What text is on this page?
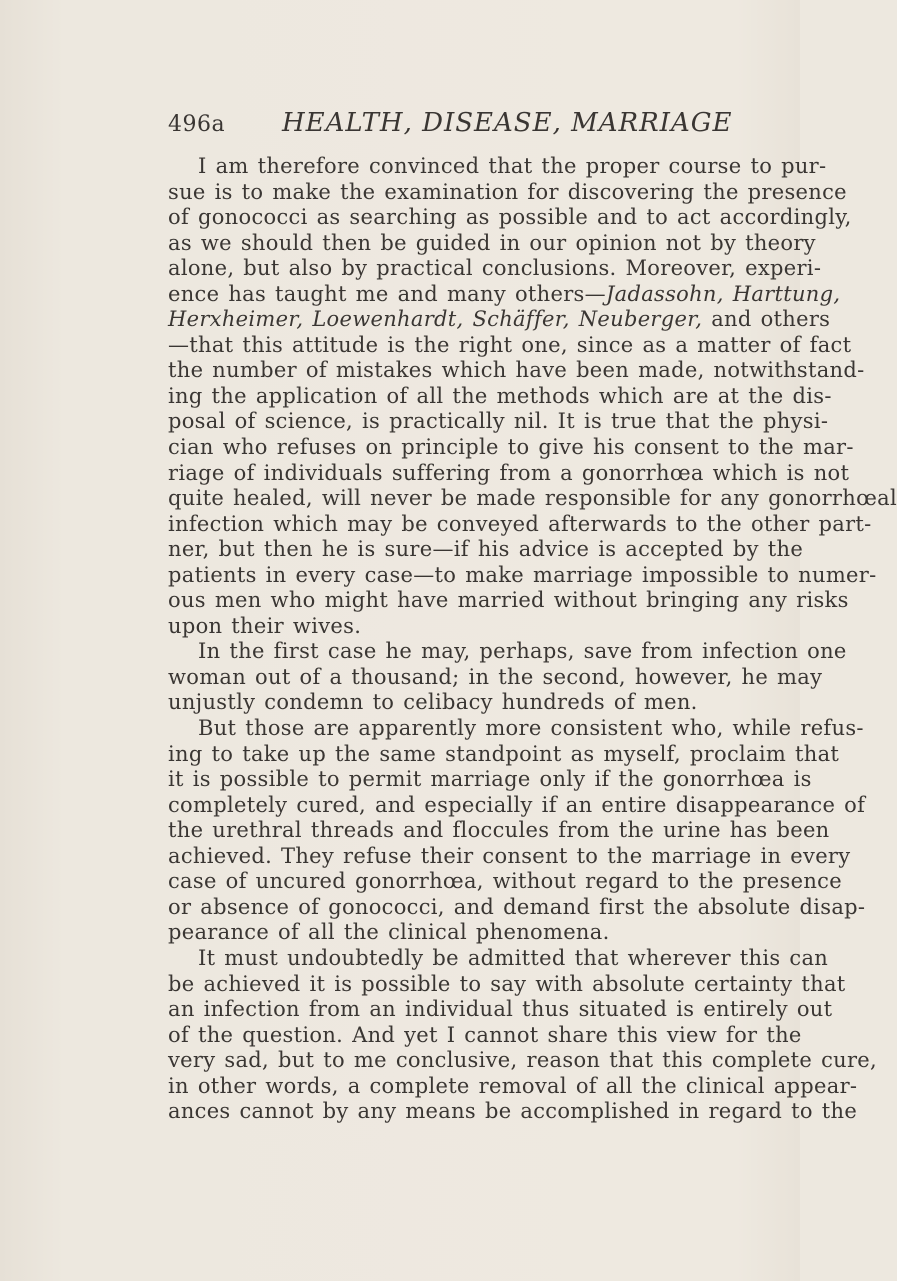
496a HEALTH, DISEASE, MARRIAGE
I am therefore convinced that the proper course to pur-
sue is to make the examination for discovering the presence
of gonococci as searching as possible and to act accordingly,
as we should then be guided in our opinion not by theory
alone, but also by practical conclusions. Moreover, experi-
ence has taught me and many others—Jadassohn, Harttung,
Herxheimer, Loewenhardt, Schäffer, Neuberger, and others
—that this attitude is the right one, since as a matter of fact
the number of mistakes which have been made, notwithstand-
ing the application of all the methods which are at the dis-
posal of science, is practically nil. It is true that the physi-
cian who refuses on principle to give his consent to the mar-
riage of individuals suffering from a gonorrhœa which is not
quite healed, will never be made responsible for any gonorrhœal
infection which may be conveyed afterwards to the other part-
ner, but then he is sure—if his advice is accepted by the
patients in every case—to make marriage impossible to numer-
ous men who might have married without bringing any risks
upon their wives.
In the first case he may, perhaps, save from infection one
woman out of a thousand; in the second, however, he may
unjustly condemn to celibacy hundreds of men.
But those are apparently more consistent who, while refus-
ing to take up the same standpoint as myself, proclaim that
it is possible to permit marriage only if the gonorrhœa is
completely cured, and especially if an entire disappearance of
the urethral threads and floccules from the urine has been
achieved. They refuse their consent to the marriage in every
case of uncured gonorrhœa, without regard to the presence
or absence of gonococci, and demand first the absolute disap-
pearance of all the clinical phenomena.
It must undoubtedly be admitted that wherever this can
be achieved it is possible to say with absolute certainty that
an infection from an individual thus situated is entirely out
of the question. And yet I cannot share this view for the
very sad, but to me conclusive, reason that this complete cure,
in other words, a complete removal of all the clinical appear-
ances cannot by any means be accomplished in regard to the
